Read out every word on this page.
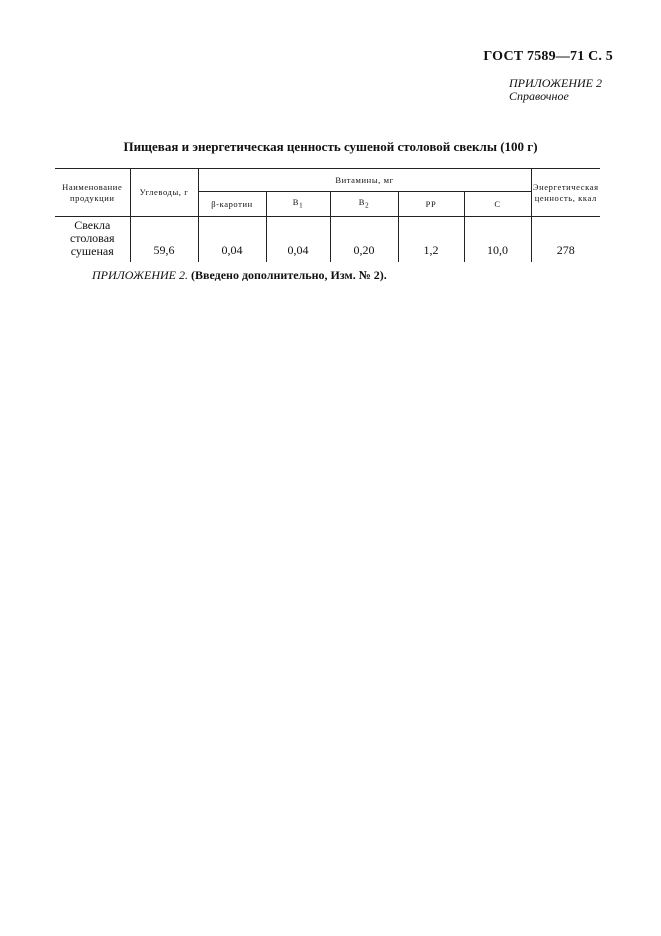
ГОСТ 7589—71 С. 5
ПРИЛОЖЕНИЕ 2
Справочное
Пищевая и энергетическая ценность сушеной столовой свеклы (100 г)
Наименование продукции	Углеводы, г	Витамины, мг					Энергетическая ценность, ккал
		β-каротин	$В_1$	$В_2$	РР	С	
Свекла столовая сушеная	59,6	0,04	0,04	0,20	1,2	10,0	278
ПРИЛОЖЕНИЕ 2. (Введено дополнительно, Изм. № 2).
